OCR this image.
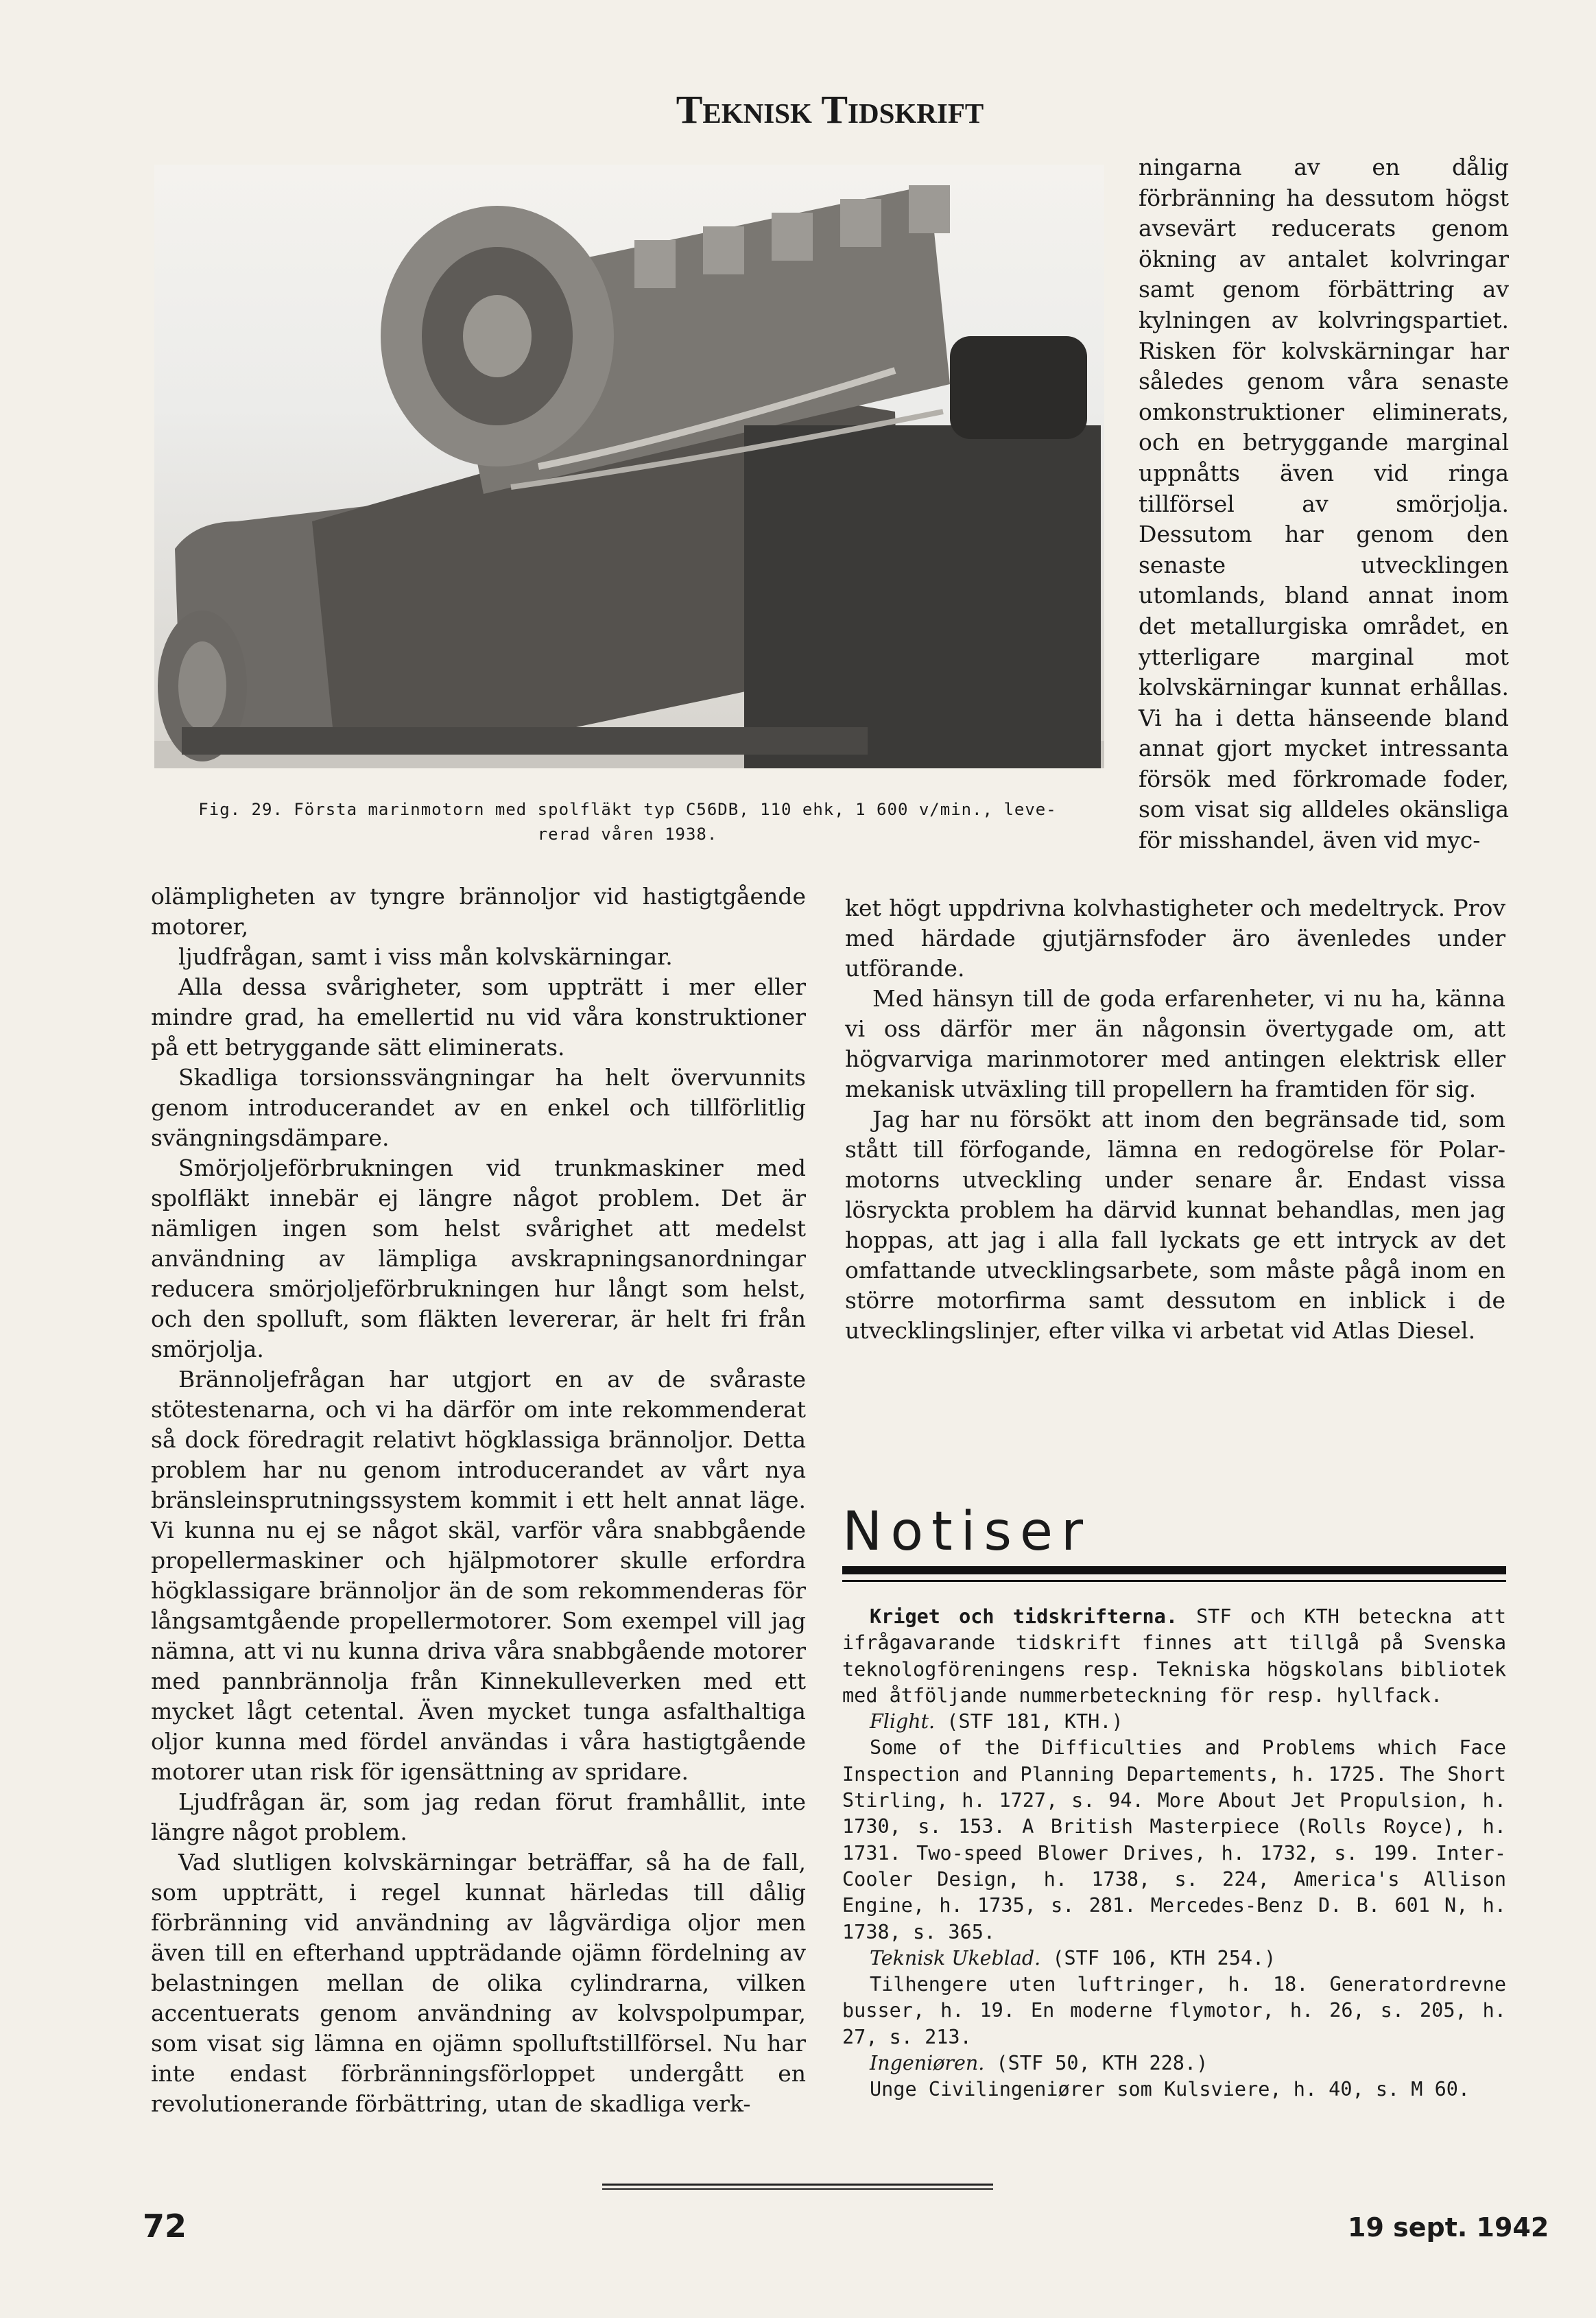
Teknisk Tidskrift
Fig. 29. Första marinmotorn med spolfläkt typ C56DB, 110 ehk, 1 600 v/min., leve-
rerad våren 1938.

ningarna av en dålig förbränning ha dessutom högst avsevärt reducerats genom ökning av antalet kolvringar samt genom förbättring av kylningen av kolvringspartiet. Risken för kolvskärningar har således genom våra senaste omkonstruktioner eliminerats, och en betryggande marginal uppnåtts även vid ringa tillförsel av smörjolja. Dessutom har genom den senaste utvecklingen utomlands, bland annat inom det metallurgiska området, en ytterligare marginal mot kolvskärningar kunnat erhållas. Vi ha i detta hänseende bland annat gjort mycket intressanta försök med förkromade foder, som visat sig alldeles okänsliga för misshandel, även vid myc-

olämpligheten av tyngre brännoljor vid hastigtgående motorer,

ljudfrågan, samt i viss mån kolvskärningar.

Alla dessa svårigheter, som uppträtt i mer eller mindre grad, ha emellertid nu vid våra konstruktioner på ett betryggande sätt eliminerats.

Skadliga torsionssvängningar ha helt övervunnits genom introducerandet av en enkel och tillförlitlig svängningsdämpare.

Smörjoljeförbrukningen vid trunkmaskiner med spolfläkt innebär ej längre något problem. Det är nämligen ingen som helst svårighet att medelst användning av lämpliga avskrapningsanordningar reducera smörjoljeförbrukningen hur långt som helst, och den spolluft, som fläkten levererar, är helt fri från smörjolja.

Brännoljefrågan har utgjort en av de svåraste stötestenarna, och vi ha därför om inte rekommenderat så dock föredragit relativt högklassiga brännoljor. Detta problem har nu genom introducerandet av vårt nya bränsleinsprutningssystem kommit i ett helt annat läge. Vi kunna nu ej se något skäl, varför våra snabbgående propellermaskiner och hjälpmotorer skulle erfordra högklassigare brännoljor än de som rekommenderas för långsamtgående propellermotorer. Som exempel vill jag nämna, att vi nu kunna driva våra snabbgående motorer med pannbrännolja från Kinnekulleverken med ett mycket lågt cetental. Även mycket tunga asfalthaltiga oljor kunna med fördel användas i våra hastigtgående motorer utan risk för igensättning av spridare.

Ljudfrågan är, som jag redan förut framhållit, inte längre något problem.

Vad slutligen kolvskärningar beträffar, så ha de fall, som uppträtt, i regel kunnat härledas till dålig förbränning vid användning av lågvärdiga oljor men även till en efterhand uppträdande ojämn fördelning av belastningen mellan de olika cylindrarna, vilken accentuerats genom användning av kolvspolpumpar, som visat sig lämna en ojämn spolluftstillförsel. Nu har inte endast förbränningsförloppet undergått en revolutionerande förbättring, utan de skadliga verk-

ket högt uppdrivna kolvhastigheter och medeltryck. Prov med härdade gjutjärnsfoder äro ävenledes under utförande.

Med hänsyn till de goda erfarenheter, vi nu ha, känna vi oss därför mer än någonsin övertygade om, att högvarviga marinmotorer med antingen elektrisk eller mekanisk utväxling till propellern ha framtiden för sig.

Jag har nu försökt att inom den begränsade tid, som stått till förfogande, lämna en redogörelse för Polar-motorns utveckling under senare år. Endast vissa lösryckta problem ha därvid kunnat behandlas, men jag hoppas, att jag i alla fall lyckats ge ett intryck av det omfattande utvecklingsarbete, som måste pågå inom en större motorfirma samt dessutom en inblick i de utvecklingslinjer, efter vilka vi arbetat vid Atlas Diesel.

Notiser

Kriget och tidskrifterna. STF och KTH beteckna att ifrågavarande tidskrift finnes att tillgå på Svenska teknologföreningens resp. Tekniska högskolans bibliotek med åtföljande nummerbeteckning för resp. hyllfack.

Flight. (STF 181, KTH.)

Some of the Difficulties and Problems which Face Inspection and Planning Departements, h. 1725. The Short Stirling, h. 1727, s. 94. More About Jet Propulsion, h. 1730, s. 153. A British Masterpiece (Rolls Royce), h. 1731. Two-speed Blower Drives, h. 1732, s. 199. Inter-Cooler Design, h. 1738, s. 224, America's Allison Engine, h. 1735, s. 281. Mercedes-Benz D. B. 601 N, h. 1738, s. 365.

Teknisk Ukeblad. (STF 106, KTH 254.)

Tilhengere uten luftringer, h. 18. Generatordrevne busser, h. 19. En moderne flymotor, h. 26, s. 205, h. 27, s. 213.

Ingeniøren. (STF 50, KTH 228.)

Unge Civilingeniører som Kulsviere, h. 40, s. M 60.

72	19 sept. 1942
